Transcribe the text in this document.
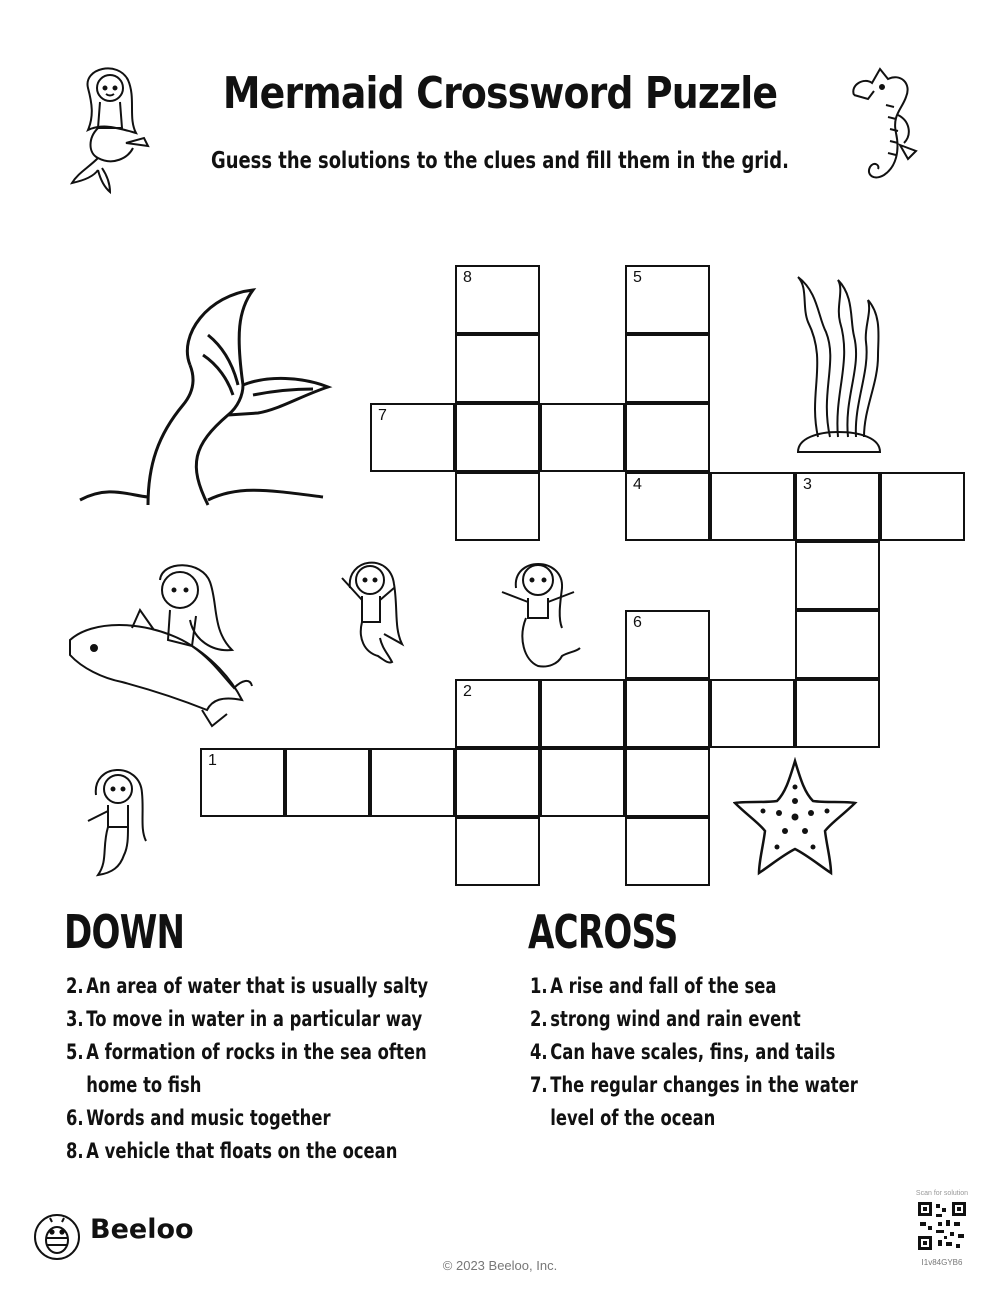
Mermaid Crossword Puzzle
Guess the solutions to the clues and fill them in the grid.
8	5
7
4	3
6
2
1
DOWN
2. An area of water that is usually salty
3. To move in water in a particular way
5. A formation of rocks in the sea often home to fish
6. Words and music together
8. A vehicle that floats on the ocean
ACROSS
1. A rise and fall of the sea
2. strong wind and rain event
4. Can have scales, fins, and tails
7. The regular changes in the water level of the ocean
Beeloo
© 2023 Beeloo, Inc.
Scan for solution
I1v84GYB6
